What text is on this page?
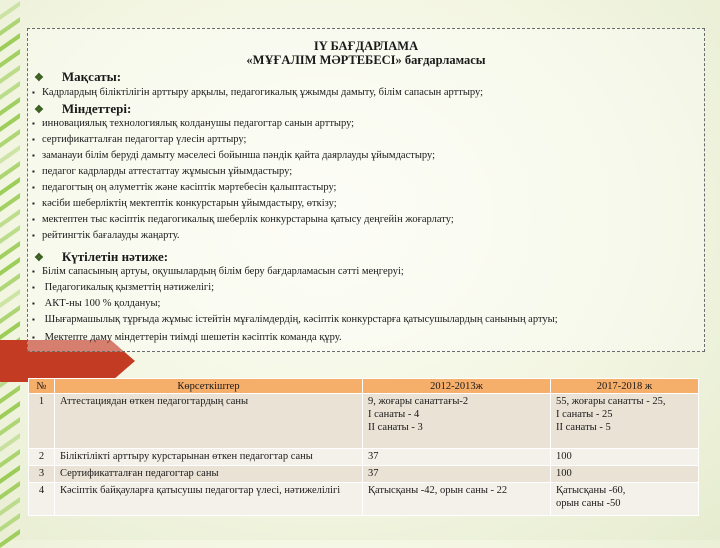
IY БАҒДАРЛАМА
«МҰҒАЛІМ МӘРТЕБЕСІ» бағдарламасы
❖ Мақсаты:
▪ Кадрлардың біліктілігін арттыру арқылы, педагогикалық ұжымды дамыту, білім сапасын арттыру;
❖ Міндеттері:
▪ инновациялық технологиялық колданушы педагогтар санын арттыру;
▪ сертификатталған педагогтар үлесін арттыру;
▪ заманауи білім беруді дамыту мәселесі бойынша пәндік қайта даярлауды ұйымдастыру;
▪ педагог кадрларды аттестаттау жұмысын ұйымдастыру;
▪ педагогтың оң әлуметтік және кәсіптік мәртебесін қалыптастыру;
▪ кәсіби шеберліктің мектептік конкурстарын ұйымдастыру, өткізу;
▪ мектептен тыс кәсіптік педагогикалық шеберлік конкурстарына қатысу деңгейін жоғарлату;
▪ рейтингтік бағалауды жаңарту.
❖ Күтілетін нәтиже:
▪ Білім сапасының артуы, оқушылардың білім беру бағдарламасын сәтті меңгеруі;
▪ Педагогикалық қызметтің нәтижелігі;
▪ АКТ-ны 100 % қолдануы;
▪ Шығармашылық тұрғыда жұмыс істейтін мұғалімдердің, кәсіптік конкурстарға қатысушылардың санының артуы;
▪ Мектепте даму міндеттерін тиімді шешетін кәсіптік команда құру.
№	Көрсеткіштер	2012-2013ж	2017-2018 ж
1	Аттестациядан өткен педагогтардың саны	9, жоғары санаттағы-2
I санаты - 4
II санаты - 3	55, жоғары санатты - 25,
I санаты - 25
II санаты - 5
2	Біліктілікті арттыру курстарынан өткен педагогтар саны	37	100
3	Сертификатталған педагогтар саны	37	100
4	Кәсіптік байқауларға қатысушы педагогтар үлесі, нәтижелілігі	Қатысқаны -42, орын саны - 22	Қатысқаны -60,
орын саны -50
